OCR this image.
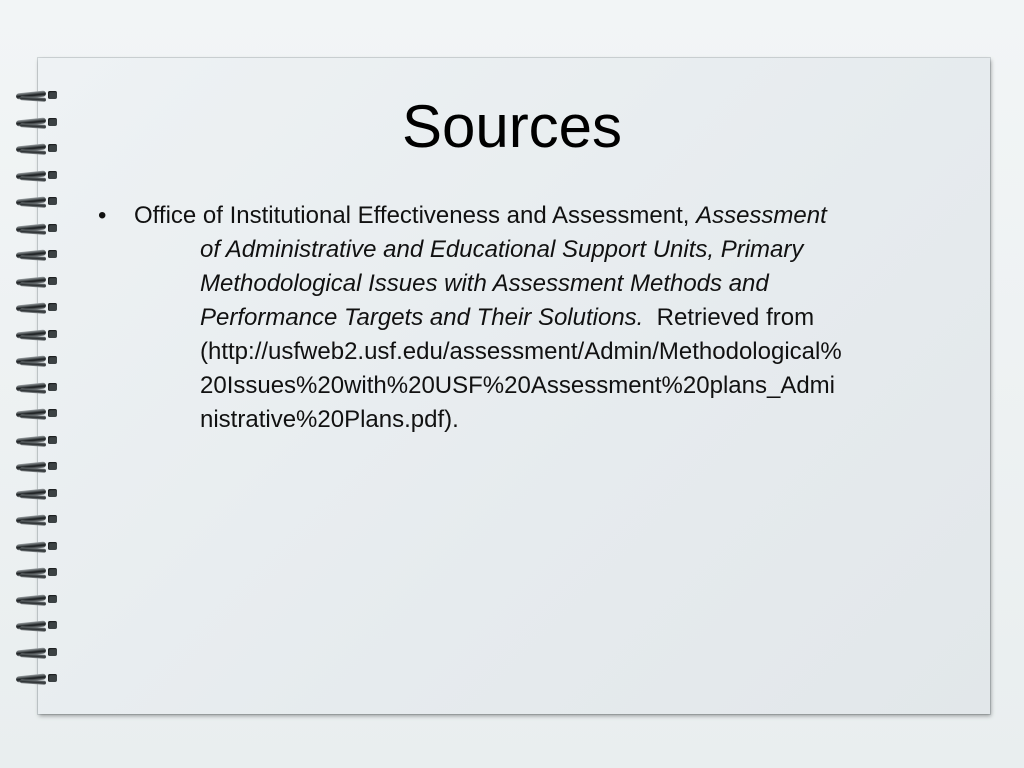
Sources
• Office of Institutional Effectiveness and Assessment, Assessment
of Administrative and Educational Support Units, Primary
Methodological Issues with Assessment Methods and
Performance Targets and Their Solutions.  Retrieved from
(http://usfweb2.usf.edu/assessment/Admin/Methodological%
20Issues%20with%20USF%20Assessment%20plans_Admi
nistrative%20Plans.pdf).
